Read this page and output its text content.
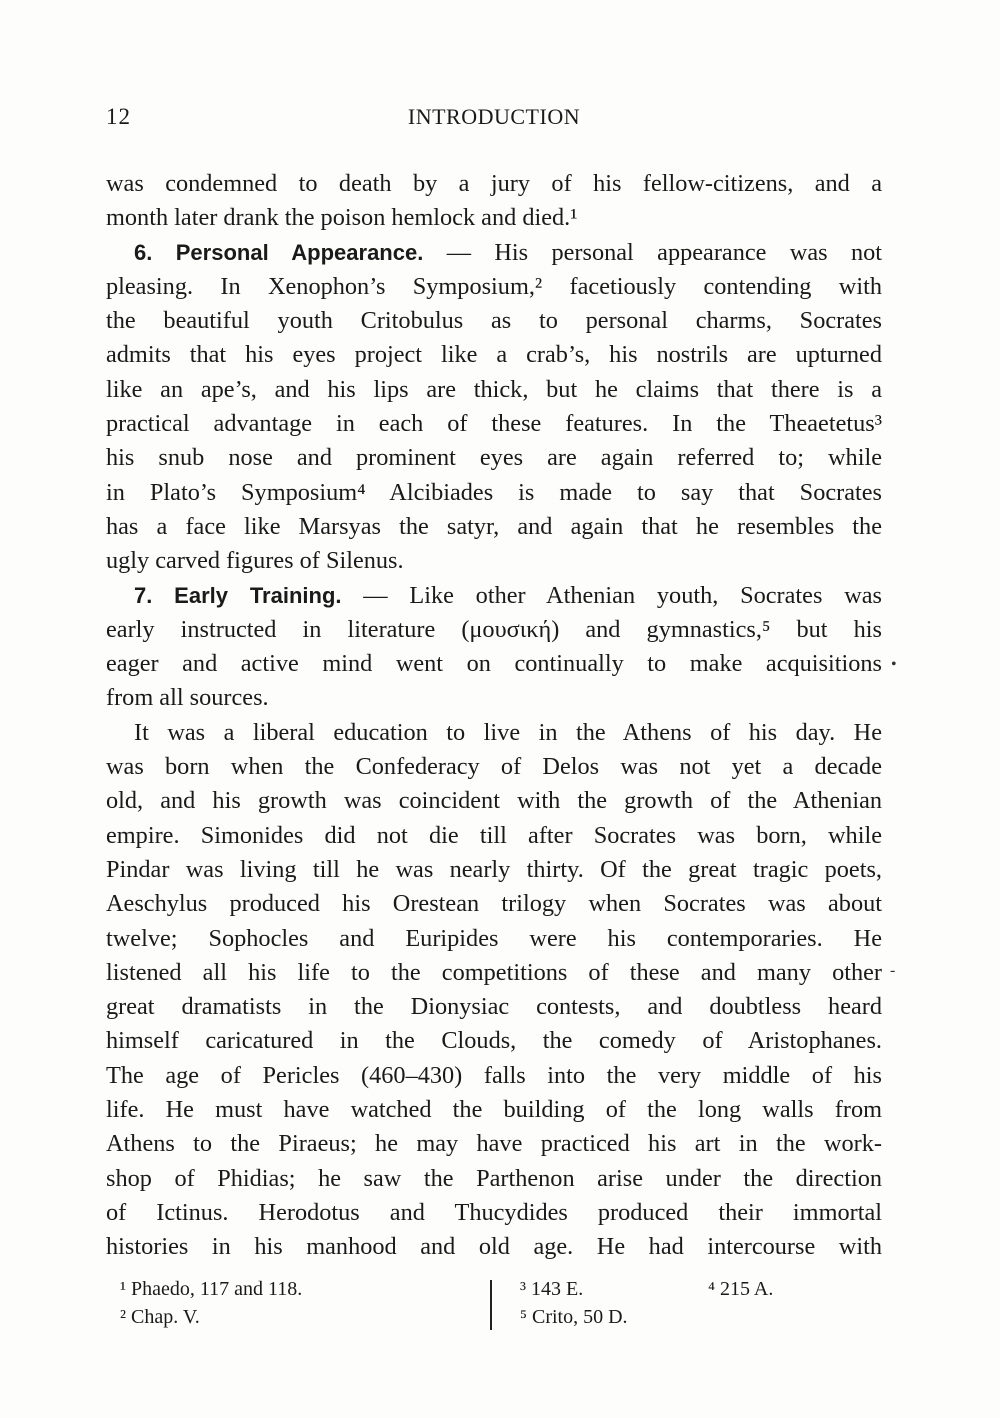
12	INTRODUCTION
was condemned to death by a jury of his fellow-citizens, and a
month later drank the poison hemlock and died.¹
6. Personal Appearance. — His personal appearance was not
pleasing. In Xenophon’s Symposium,² facetiously contending with
the beautiful youth Critobulus as to personal charms, Socrates
admits that his eyes project like a crab’s, his nostrils are upturned
like an ape’s, and his lips are thick, but he claims that there is a
practical advantage in each of these features. In the Theaetetus³
his snub nose and prominent eyes are again referred to; while
in Plato’s Symposium⁴ Alcibiades is made to say that Socrates
has a face like Marsyas the satyr, and again that he resembles the
ugly carved figures of Silenus.
7. Early Training. — Like other Athenian youth, Socrates was
early instructed in literature (μουσική) and gymnastics,⁵ but his
eager and active mind went on continually to make acquisitions
from all sources.
It was a liberal education to live in the Athens of his day. He
was born when the Confederacy of Delos was not yet a decade
old, and his growth was coincident with the growth of the Athenian
empire. Simonides did not die till after Socrates was born, while
Pindar was living till he was nearly thirty. Of the great tragic poets,
Aeschylus produced his Orestean trilogy when Socrates was about
twelve; Sophocles and Euripides were his contemporaries. He
listened all his life to the competitions of these and many other
great dramatists in the Dionysiac contests, and doubtless heard
himself caricatured in the Clouds, the comedy of Aristophanes.
The age of Pericles (460–430) falls into the very middle of his
life. He must have watched the building of the long walls from
Athens to the Piraeus; he may have practiced his art in the work-
shop of Phidias; he saw the Parthenon arise under the direction
of Ictinus. Herodotus and Thucydides produced their immortal
histories in his manhood and old age. He had intercourse with
•
-
¹ Phaedo, 117 and 118.
² Chap. V.
³ 143 E.	⁴ 215 A.
⁵ Crito, 50 D.
